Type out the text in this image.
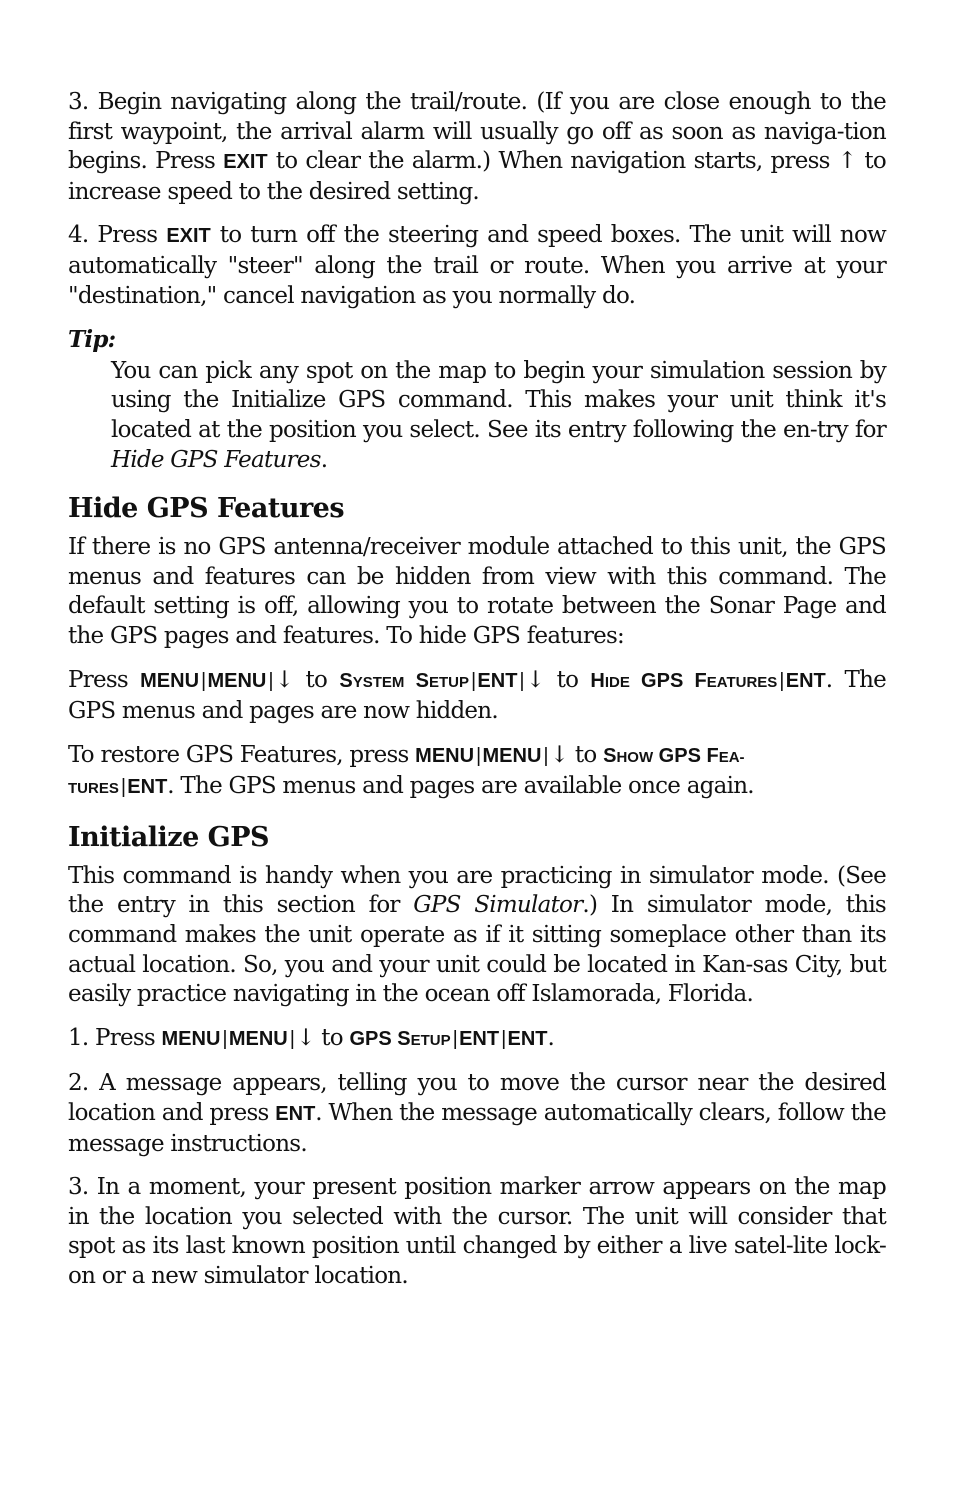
3. Begin navigating along the trail/route. (If you are close enough to the first waypoint, the arrival alarm will usually go off as soon as naviga-tion begins. Press EXIT to clear the alarm.) When navigation starts, press ↑ to increase speed to the desired setting.

4. Press EXIT to turn off the steering and speed boxes. The unit will now automatically "steer" along the trail or route. When you arrive at your "destination," cancel navigation as you normally do.

Tip:

You can pick any spot on the map to begin your simulation session by using the Initialize GPS command. This makes your unit think it's located at the position you select. See its entry following the en-try for Hide GPS Features.

Hide GPS Features

If there is no GPS antenna/receiver module attached to this unit, the GPS menus and features can be hidden from view with this command. The default setting is off, allowing you to rotate between the Sonar Page and the GPS pages and features. To hide GPS features:

Press MENU | MENU |↓ to SYSTEM SETUP | ENT |↓ to HIDE GPS FEATURES | ENT. The GPS menus and pages are now hidden.

To restore GPS Features, press MENU | MENU |↓ to SHOW GPS FEA-
TURES | ENT. The GPS menus and pages are available once again.

Initialize GPS

This command is handy when you are practicing in simulator mode. (See the entry in this section for GPS Simulator.) In simulator mode, this command makes the unit operate as if it sitting someplace other than its actual location. So, you and your unit could be located in Kan-sas City, but easily practice navigating in the ocean off Islamorada, Florida.

1. Press MENU | MENU |↓ to GPS SETUP | ENT | ENT.

2. A message appears, telling you to move the cursor near the desired location and press ENT. When the message automatically clears, follow the message instructions.

3. In a moment, your present position marker arrow appears on the map in the location you selected with the cursor. The unit will consider that spot as its last known position until changed by either a live satel-lite lock-on or a new simulator location.
